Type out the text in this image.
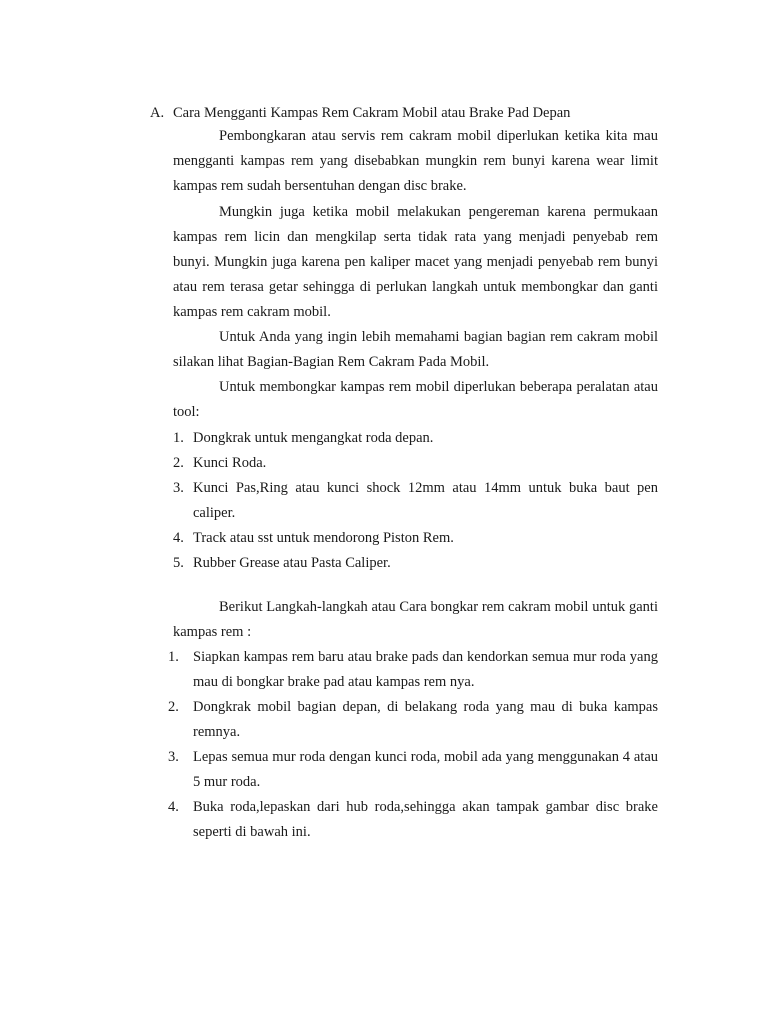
A. Cara Mengganti Kampas Rem Cakram Mobil atau Brake Pad Depan

Pembongkaran atau servis rem cakram mobil diperlukan ketika kita mau mengganti kampas rem yang disebabkan mungkin rem bunyi karena wear limit kampas rem sudah bersentuhan dengan disc brake.

Mungkin juga ketika mobil melakukan pengereman karena permukaan kampas rem licin dan mengkilap serta tidak rata yang menjadi penyebab rem bunyi. Mungkin juga karena pen kaliper macet yang menjadi penyebab rem bunyi atau rem terasa getar sehingga di perlukan langkah untuk membongkar dan ganti kampas rem cakram mobil.

Untuk Anda yang ingin lebih memahami bagian bagian rem cakram mobil silakan lihat Bagian-Bagian Rem Cakram Pada Mobil.

Untuk membongkar kampas rem mobil diperlukan beberapa peralatan atau tool:

1. Dongkrak untuk mengangkat roda depan.
2. Kunci Roda.
3. Kunci Pas,Ring atau kunci shock 12mm atau 14mm untuk buka baut pen caliper.
4. Track atau sst untuk mendorong Piston Rem.
5. Rubber Grease atau Pasta Caliper.

Berikut Langkah-langkah atau Cara bongkar rem cakram mobil untuk ganti kampas rem :

1. Siapkan kampas rem baru atau brake pads dan kendorkan semua mur roda yang mau di bongkar brake pad atau kampas rem nya.
2. Dongkrak mobil bagian depan, di belakang roda yang mau di buka kampas remnya.
3. Lepas semua mur roda dengan kunci roda, mobil ada yang menggunakan 4 atau 5 mur roda.
4. Buka roda,lepaskan dari hub roda,sehingga akan tampak gambar disc brake seperti di bawah ini.
